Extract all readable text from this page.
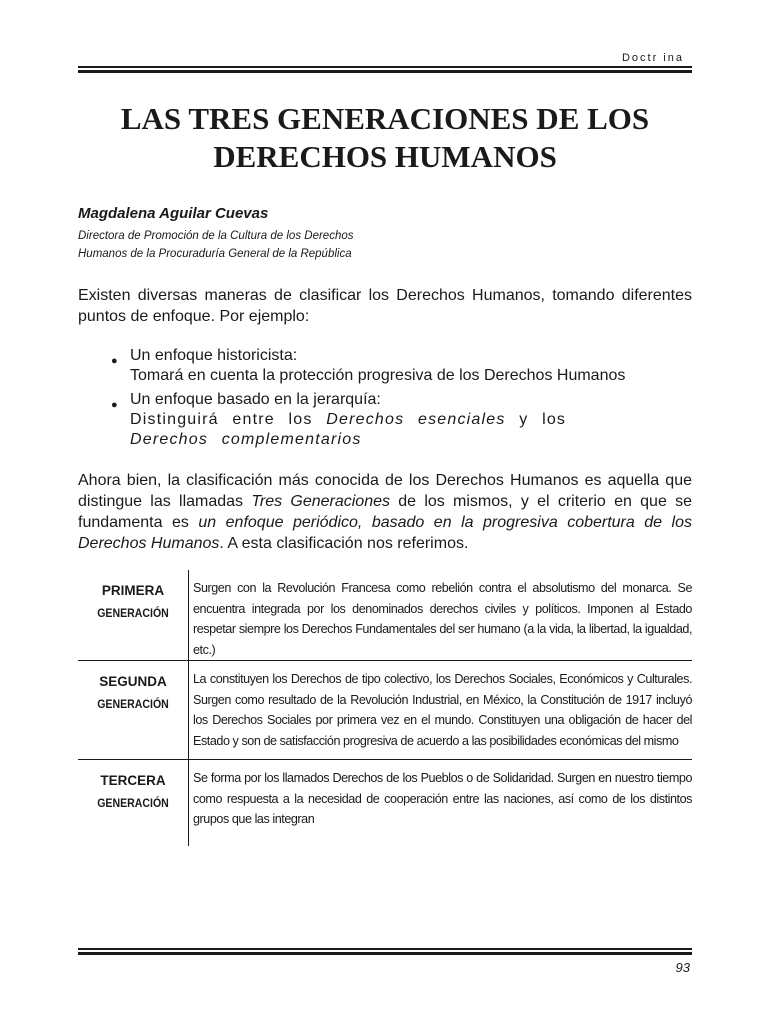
Doctr ina
LAS TRES GENERACIONES DE LOS
DERECHOS HUMANOS
Magdalena Aguilar Cuevas
Directora de Promoción de la Cultura de los Derechos
Humanos de la Procuraduría General de la República

Existen diversas maneras de clasificar los Derechos Humanos, tomando diferentes puntos de enfoque. Por ejemplo:

● Un enfoque historicista:
Tomará en cuenta la protección progresiva de los Derechos Humanos
● Un enfoque basado en la jerarquía:
Distinguirá entre los Derechos esenciales y los Derechos complementarios

Ahora bien, la clasificación más conocida de los Derechos Humanos es aquella que distingue las llamadas Tres Generaciones de los mismos, y el criterio en que se fundamenta es un enfoque periódico, basado en la progresiva cobertura de los Derechos Humanos. A esta clasificación nos referimos.

PRIMERA
GENERACIÓN
Surgen con la Revolución Francesa como rebelión contra el absolutismo del monarca. Se encuentra integrada por los denominados derechos civiles y políticos. Imponen al Estado respetar siempre los Derechos Fundamentales del ser humano (a la vida, la libertad, la igualdad, etc.)
SEGUNDA
GENERACIÓN
La constituyen los Derechos de tipo colectivo, los Derechos Sociales, Económicos y Culturales. Surgen como resultado de la Revolución Industrial, en México, la Constitución de 1917 incluyó los Derechos Sociales por primera vez en el mundo. Constituyen una obligación de hacer del Estado y son de satisfacción progresiva de acuerdo a las posibilidades económicas del mismo
TERCERA
GENERACIÓN
Se forma por los llamados Derechos de los Pueblos o de Solidaridad. Surgen en nuestro tiempo como respuesta a la necesidad de cooperación entre las naciones, así como de los distintos grupos que las integran
93
